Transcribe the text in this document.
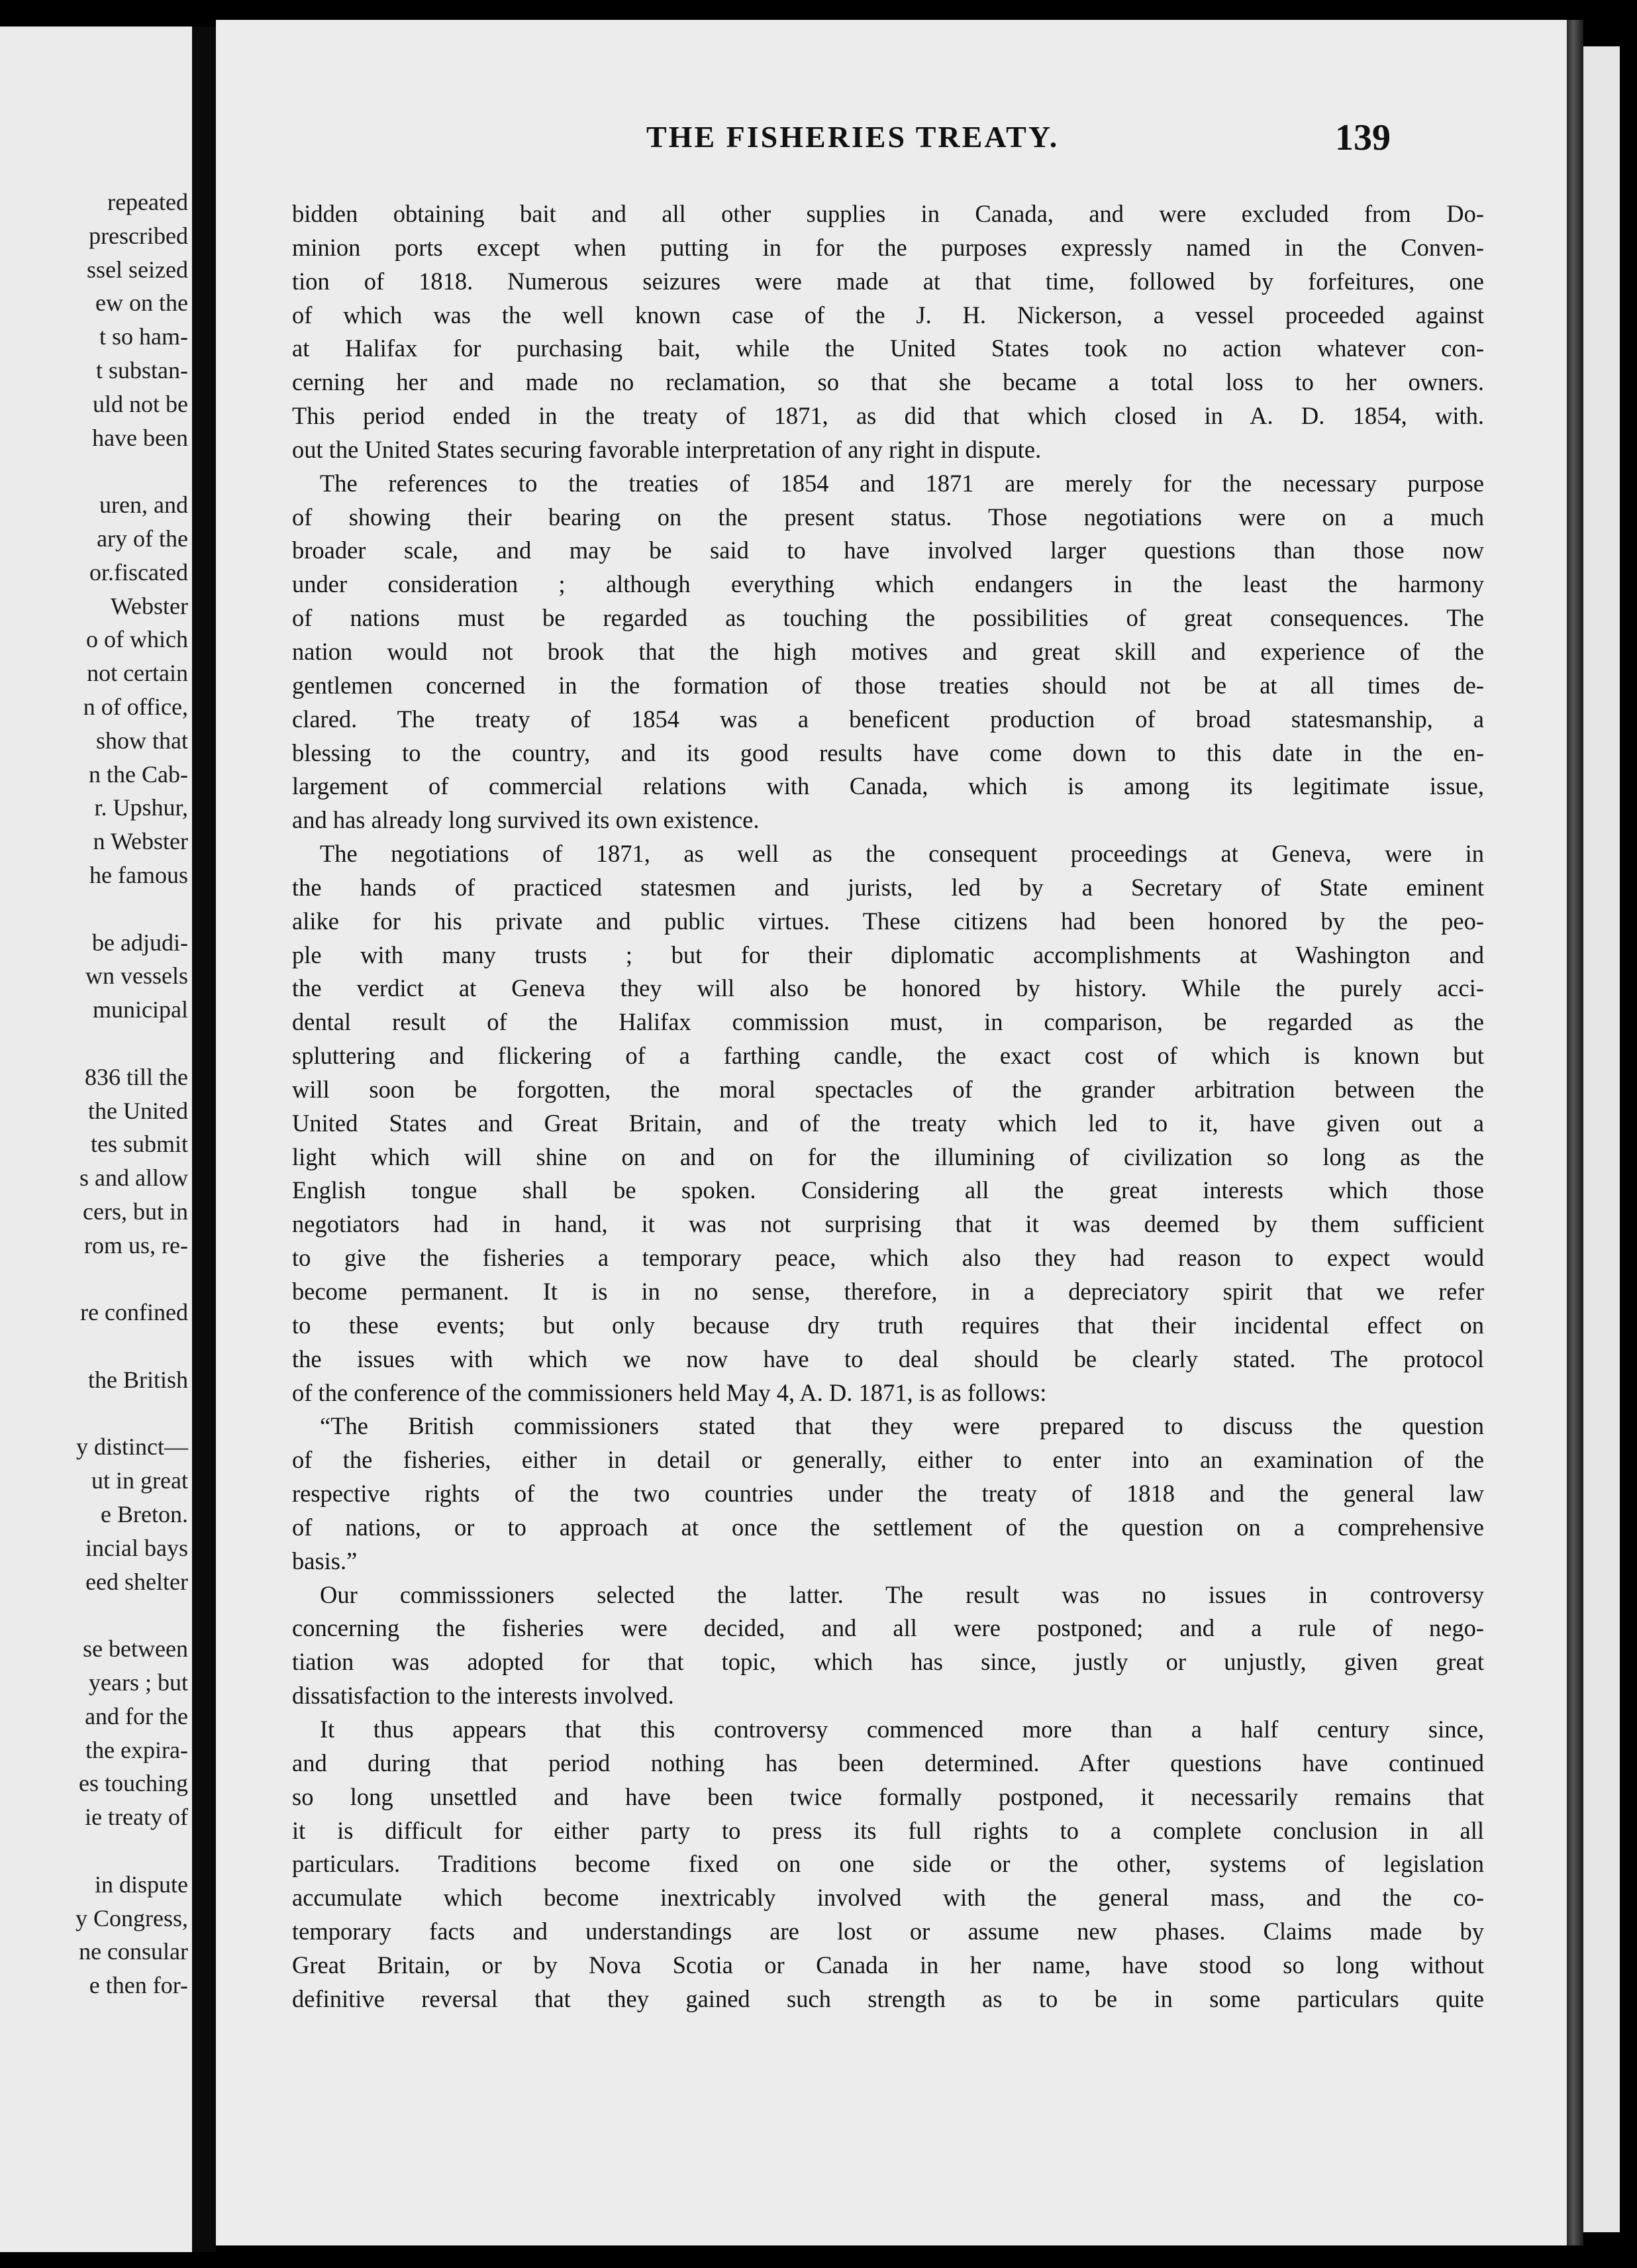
repeated
prescribed
ssel seized
ew on the
t so ham-
t substan-
uld not be
have been
uren, and
ary of the
or.fiscated
Webster
o of which
not certain
n of office,
show that
n the Cab-
r. Upshur,
n Webster
he famous
be adjudi-
wn vessels
municipal
836 till the
the United
tes submit
s and allow
cers, but in
rom us, re-
re confined
the British
y distinct—
ut in great
e Breton.
incial bays
eed shelter
se between
years ; but
and for the
the expira-
es touching
ie treaty of
in dispute
y Congress,
ne consular
e then for-
THE FISHERIES TREATY.	139
bidden obtaining bait and all other supplies in Canada, and were excluded from Do-
minion ports except when putting in for the purposes expressly named in the Conven-
tion of 1818. Numerous seizures were made at that time, followed by forfeitures, one
of which was the well known case of the J. H. Nickerson, a vessel proceeded against
at Halifax for purchasing bait, while the United States took no action whatever con-
cerning her and made no reclamation, so that she became a total loss to her owners.
This period ended in the treaty of 1871, as did that which closed in A. D. 1854, with.
out the United States securing favorable interpretation of any right in dispute.
The references to the treaties of 1854 and 1871 are merely for the necessary purpose
of showing their bearing on the present status. Those negotiations were on a much
broader scale, and may be said to have involved larger questions than those now
under consideration ; although everything which endangers in the least the harmony
of nations must be regarded as touching the possibilities of great consequences. The
nation would not brook that the high motives and great skill and experience of the
gentlemen concerned in the formation of those treaties should not be at all times de-
clared. The treaty of 1854 was a beneficent production of broad statesmanship, a
blessing to the country, and its good results have come down to this date in the en-
largement of commercial relations with Canada, which is among its legitimate issue,
and has already long survived its own existence.
The negotiations of 1871, as well as the consequent proceedings at Geneva, were in
the hands of practiced statesmen and jurists, led by a Secretary of State eminent
alike for his private and public virtues. These citizens had been honored by the peo-
ple with many trusts ; but for their diplomatic accomplishments at Washington and
the verdict at Geneva they will also be honored by history. While the purely acci-
dental result of the Halifax commission must, in comparison, be regarded as the
spluttering and flickering of a farthing candle, the exact cost of which is known but
will soon be forgotten, the moral spectacles of the grander arbitration between the
United States and Great Britain, and of the treaty which led to it, have given out a
light which will shine on and on for the illumining of civilization so long as the
English tongue shall be spoken. Considering all the great interests which those
negotiators had in hand, it was not surprising that it was deemed by them sufficient
to give the fisheries a temporary peace, which also they had reason to expect would
become permanent. It is in no sense, therefore, in a depreciatory spirit that we refer
to these events; but only because dry truth requires that their incidental effect on
the issues with which we now have to deal should be clearly stated. The protocol
of the conference of the commissioners held May 4, A. D. 1871, is as follows:
“The British commissioners stated that they were prepared to discuss the question
of the fisheries, either in detail or generally, either to enter into an examination of the
respective rights of the two countries under the treaty of 1818 and the general law
of nations, or to approach at once the settlement of the question on a comprehensive
basis.”
Our commisssioners selected the latter. The result was no issues in controversy
concerning the fisheries were decided, and all were postponed; and a rule of nego-
tiation was adopted for that topic, which has since, justly or unjustly, given great
dissatisfaction to the interests involved.
It thus appears that this controversy commenced more than a half century since,
and during that period nothing has been determined. After questions have continued
so long unsettled and have been twice formally postponed, it necessarily remains that
it is difficult for either party to press its full rights to a complete conclusion in all
particulars. Traditions become fixed on one side or the other, systems of legislation
accumulate which become inextricably involved with the general mass, and the co-
temporary facts and understandings are lost or assume new phases. Claims made by
Great Britain, or by Nova Scotia or Canada in her name, have stood so long without
definitive reversal that they gained such strength as to be in some particulars quite
